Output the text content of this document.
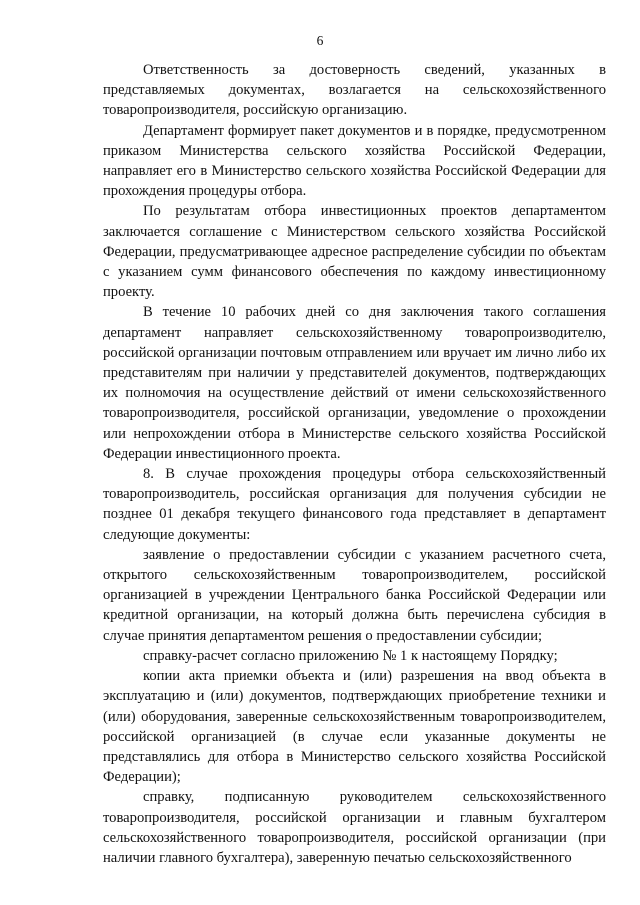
6

Ответственность за достоверность сведений, указанных в представляемых документах, возлагается на сельскохозяйственного товаропроизводителя, российскую организацию.

Департамент формирует пакет документов и в порядке, предусмотренном приказом Министерства сельского хозяйства Российской Федерации, направляет его в Министерство сельского хозяйства Российской Федерации для прохождения процедуры отбора.

По результатам отбора инвестиционных проектов департаментом заключается соглашение с Министерством сельского хозяйства Российской Федерации, предусматривающее адресное распределение субсидии по объектам с указанием сумм финансового обеспечения по каждому инвестиционному проекту.

В течение 10 рабочих дней со дня заключения такого соглашения департамент направляет сельскохозяйственному товаропроизводителю, российской организации почтовым отправлением или вручает им лично либо их представителям при наличии у представителей документов, подтверждающих их полномочия на осуществление действий от имени сельскохозяйственного товаропроизводителя, российской организации, уведомление о прохождении или непрохождении отбора в Министерстве сельского хозяйства Российской Федерации инвестиционного проекта.

8. В случае прохождения процедуры отбора сельскохозяйственный товаропроизводитель, российская организация для получения субсидии не позднее 01 декабря текущего финансового года представляет в департамент следующие документы:

заявление о предоставлении субсидии с указанием расчетного счета, открытого сельскохозяйственным товаропроизводителем, российской организацией в учреждении Центрального банка Российской Федерации или кредитной организации, на который должна быть перечислена субсидия в случае принятия департаментом решения о предоставлении субсидии;

справку-расчет согласно приложению № 1 к настоящему Порядку;

копии акта приемки объекта и (или) разрешения на ввод объекта в эксплуатацию и (или) документов, подтверждающих приобретение техники и (или) оборудования, заверенные сельскохозяйственным товаропроизводителем, российской организацией (в случае если указанные документы не представлялись для отбора в Министерство сельского хозяйства Российской Федерации);

справку, подписанную руководителем сельскохозяйственного товаропроизводителя, российской организации и главным бухгалтером сельскохозяйственного товаропроизводителя, российской организации (при наличии главного бухгалтера), заверенную печатью сельскохозяйственного
